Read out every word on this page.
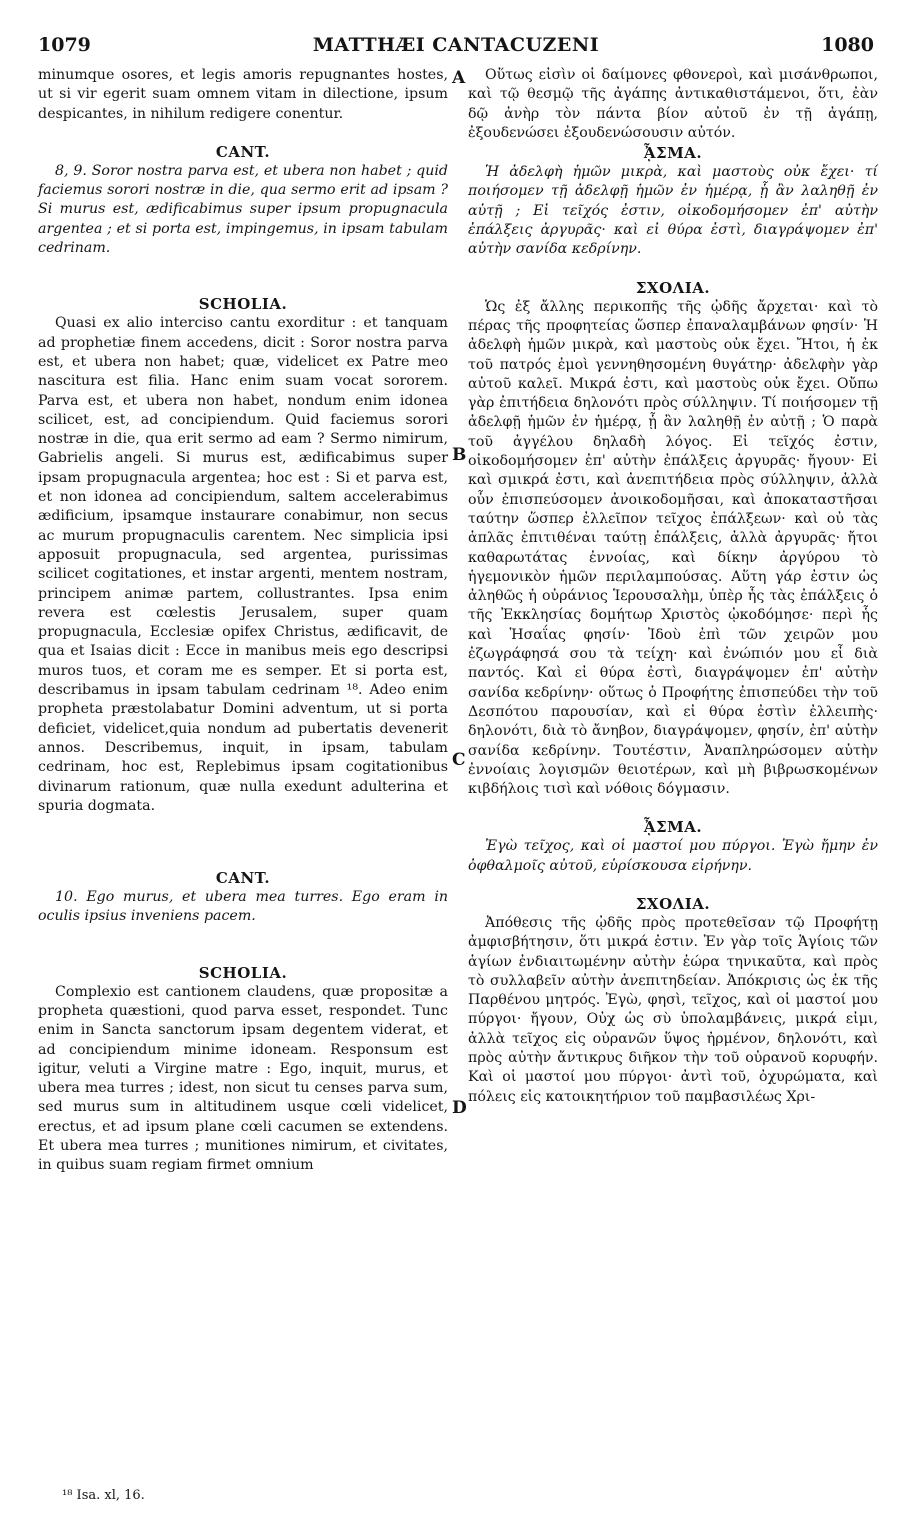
1079	MATTHÆI CANTACUZENI	1080

minumque osores, et legis amoris repugnantes hostes, ut si vir egerit suam omnem vitam in dilectione, ipsum despicantes, in nihilum redigere conentur.

CANT.

8, 9. Soror nostra parva est, et ubera non habet ; quid faciemus sorori nostræ in die, qua sermo erit ad ipsam ? Si murus est, ædificabimus super ipsum propugnacula argentea ; et si porta est, impingemus, in ipsam tabulam cedrinam.

SCHOLIA.

Quasi ex alio interciso cantu exorditur : et tanquam ad prophetiæ finem accedens, dicit : Soror nostra parva est, et ubera non habet; quæ, videlicet ex Patre meo nascitura est filia. Hanc enim suam vocat sororem. Parva est, et ubera non habet, nondum enim idonea scilicet, est, ad concipiendum. Quid faciemus sorori nostræ in die, qua erit sermo ad eam ? Sermo nimirum, Gabrielis angeli. Si murus est, ædificabimus super ipsam propugnacula argentea; hoc est : Si et parva est, et non idonea ad concipiendum, saltem accelerabimus ædificium, ipsamque instaurare conabimur, non secus ac murum propugnaculis carentem. Nec simplicia ipsi apposuit propugnacula, sed argentea, purissimas scilicet cogitationes, et instar argenti, mentem nostram, principem animæ partem, collustrantes. Ipsa enim revera est cœlestis Jerusalem, super quam propugnacula, Ecclesiæ opifex Christus, ædificavit, de qua et Isaias dicit : Ecce in manibus meis ego descripsi muros tuos, et coram me es semper. Et si porta est, describamus in ipsam tabulam cedrinam ¹⁸. Adeo enim propheta præstolabatur Domini adventum, ut si porta deficiet, videlicet,quia nondum ad pubertatis devenerit annos. Describemus, inquit, in ipsam, tabulam cedrinam, hoc est, Replebimus ipsam cogitationibus divinarum rationum, quæ nulla exedunt adulterina et spuria dogmata.

CANT.

10. Ego murus, et ubera mea turres. Ego eram in oculis ipsius inveniens pacem.

SCHOLIA.

Complexio est cantionem claudens, quæ propositæ a propheta quæstioni, quod parva esset, respondet. Tunc enim in Sancta sanctorum ipsam degentem viderat, et ad concipiendum minime idoneam. Responsum est igitur, veluti a Virgine matre : Ego, inquit, murus, et ubera mea turres ; idest, non sicut tu censes parva sum, sed murus sum in altitudinem usque cœli videlicet, erectus, et ad ipsum plane cœli cacumen se extendens. Et ubera mea turres ; munitiones nimirum, et civitates, in quibus suam regiam firmet omnium

Οὕτως εἰσὶν οἱ δαίμονες φθονεροὶ, καὶ μισάνθρωποι, καὶ τῷ θεσμῷ τῆς ἀγάπης ἀντικαθιστάμενοι, ὅτι, ἐὰν δῷ ἀνὴρ τὸν πάντα βίον αὐτοῦ ἐν τῇ ἀγάπῃ, ἐξουδενώσει ἐξουδενώσουσιν αὐτόν.

ᾎΣΜΑ.

Ἡ ἀδελφὴ ἡμῶν μικρὰ, καὶ μαστοὺς οὐκ ἔχει· τί ποιήσομεν τῇ ἀδελφῇ ἡμῶν ἐν ἡμέρᾳ, ᾗ ἂν λαληθῇ ἐν αὐτῇ ; Εἰ τεῖχός ἐστιν, οἰκοδομήσομεν ἐπ' αὐτὴν ἐπάλξεις ἀργυρᾶς· καὶ εἰ θύρα ἐστὶ, διαγράψομεν ἐπ' αὐτὴν σανίδα κεδρίνην.

ΣΧΟΛΙΑ.

Ὡς ἐξ ἄλλης περικοπῆς τῆς ᾠδῆς ἄρχεται· καὶ τὸ πέρας τῆς προφητείας ὥσπερ ἐπαναλαμβάνων φησίν· Ἡ ἀδελφὴ ἡμῶν μικρὰ, καὶ μαστοὺς οὐκ ἔχει. Ἤτοι, ἡ ἐκ τοῦ πατρός ἐμοὶ γεννηθησομένη θυγάτηρ· ἀδελφὴν γὰρ αὐτοῦ καλεῖ. Μικρά ἐστι, καὶ μαστοὺς οὐκ ἔχει. Οὔπω γὰρ ἐπιτήδεια δηλονότι πρὸς σύλληψιν. Τί ποιήσομεν τῇ ἀδελφῇ ἡμῶν ἐν ἡμέρᾳ, ᾗ ἂν λαληθῇ ἐν αὐτῇ ; Ὁ παρὰ τοῦ ἀγγέλου δηλαδὴ λόγος. Εἰ τεῖχός ἐστιν, οἰκοδομήσομεν ἐπ' αὐτὴν ἐπάλξεις ἀργυρᾶς· ἤγουν· Εἰ καὶ σμικρά ἐστι, καὶ ἀνεπιτήδεια πρὸς σύλληψιν, ἀλλὰ οὖν ἐπισπεύσομεν ἀνοικοδομῆσαι, καὶ ἀποκαταστῆσαι ταύτην ὥσπερ ἐλλεῖπον τεῖχος ἐπάλξεων· καὶ οὐ τὰς ἁπλᾶς ἐπιτιθέναι ταύτῃ ἐπάλξεις, ἀλλὰ ἀργυρᾶς· ἤτοι καθαρωτάτας ἐννοίας, καὶ δίκην ἀργύρου τὸ ἡγεμονικὸν ἡμῶν περιλαμπούσας. Αὕτη γάρ ἐστιν ὡς ἀληθῶς ἡ οὐράνιος Ἱερουσαλὴμ, ὑπὲρ ἧς τὰς ἐπάλξεις ὁ τῆς Ἐκκλησίας δομήτωρ Χριστὸς ᾠκοδόμησε· περὶ ἧς καὶ Ἡσαΐας φησίν· Ἰδοὺ ἐπὶ τῶν χειρῶν μου ἐζωγράφησά σου τὰ τείχη· καὶ ἐνώπιόν μου εἶ διὰ παντός. Καὶ εἰ θύρα ἐστὶ, διαγράψομεν ἐπ' αὐτὴν σανίδα κεδρίνην· οὕτως ὁ Προφήτης ἐπισπεύδει τὴν τοῦ Δεσπότου παρουσίαν, καὶ εἰ θύρα ἐστὶν ἐλλειπὴς· δηλονότι, διὰ τὸ ἄνηβον, διαγράψομεν, φησίν, ἐπ' αὐτὴν σανίδα κεδρίνην. Τουτέστιν, Ἀναπληρώσομεν αὐτὴν ἐννοίαις λογισμῶν θειοτέρων, καὶ μὴ βιβρωσκομένων κιβδήλοις τισὶ καὶ νόθοις δόγμασιν.

ᾎΣΜΑ.

Ἐγὼ τεῖχος, καὶ οἱ μαστοί μου πύργοι. Ἐγὼ ἤμην ἐν ὀφθαλμοῖς αὐτοῦ, εὑρίσκουσα εἰρήνην.

ΣΧΟΛΙΑ.

Ἀπόθεσις τῆς ᾠδῆς πρὸς προτεθεῖσαν τῷ Προφήτῃ ἀμφισβήτησιν, ὅτι μικρά ἐστιν. Ἐν γὰρ τοῖς Ἁγίοις τῶν ἁγίων ἐνδιαιτωμένην αὐτὴν ἑώρα τηνικαῦτα, καὶ πρὸς τὸ συλλαβεῖν αὐτὴν ἀνεπιτηδείαν. Ἀπόκρισις ὡς ἐκ τῆς Παρθένου μητρός. Ἐγὼ, φησὶ, τεῖχος, καὶ οἱ μαστοί μου πύργοι· ἤγουν, Οὐχ ὡς σὺ ὑπολαμβάνεις, μικρά εἰμι, ἀλλὰ τεῖχος εἰς οὐρανῶν ὕψος ἠρμένον, δηλονότι, καὶ πρὸς αὐτὴν ἄντικρυς διῆκον τὴν τοῦ οὐρανοῦ κορυφήν. Καὶ οἱ μαστοί μου πύργοι· ἀντὶ τοῦ, ὀχυρώματα, καὶ πόλεις εἰς κατοικητήριον τοῦ παμβασιλέως Χρι-

A
B
C
D
¹⁸ Isa. xl, 16.
